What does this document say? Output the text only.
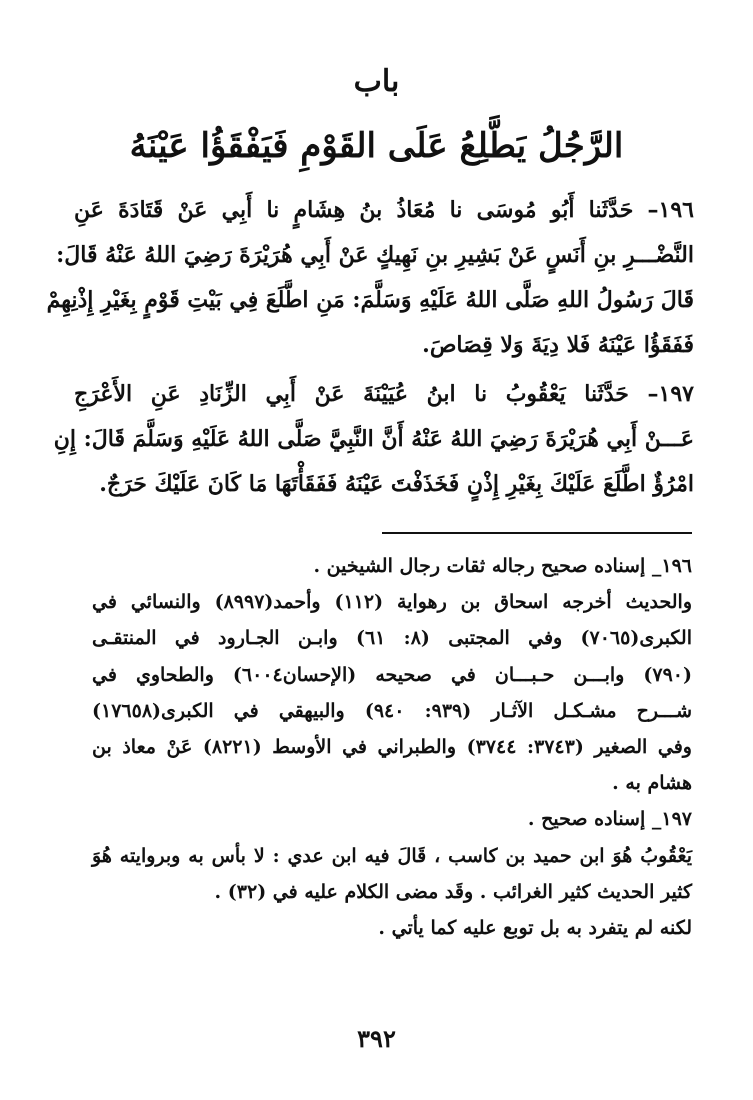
باب
الرَّجُلُ يَطَّلِعُ عَلَى القَوْمِ فَيَفْقَؤُا عَيْنَهُ
١٩٦– حَدَّثَنا أَبُو مُوسَى نا مُعَاذُ بنُ هِشَامٍ نا أَبِي عَنْ قَتَادَةَ عَنِ
النَّضْـــرِ بنِ أَنَسٍ عَنْ بَشِيرِ بنِ نَهِيكٍ عَنْ أَبِي هُرَيْرَةَ رَضِيَ اللهُ عَنْهُ قَالَ:
قَالَ رَسُولُ اللهِ صَلَّى اللهُ عَلَيْهِ وَسَلَّمَ: مَنِ اطَّلَعَ فِي بَيْتِ قَوْمٍ بِغَيْرِ إِذْنِهِمْ
فَفَقَؤُا عَيْنَهُ فَلا دِيَةَ وَلا قِصَاصَ.
١٩٧– حَدَّثَنا يَعْقُوبُ نا ابنُ عُيَيْنَةَ عَنْ أَبِي الزِّنَادِ عَنِ الأَعْرَجِ
عَـــنْ أَبِي هُرَيْرَةَ رَضِيَ اللهُ عَنْهُ أَنَّ النَّبِيَّ صَلَّى اللهُ عَلَيْهِ وَسَلَّمَ قَالَ: إِنِ
امْرُؤٌ اطَّلَعَ عَلَيْكَ بِغَيْرِ إِذْنٍ فَخَذَفْتَ عَيْنَهُ فَفَقَأْتَهَا مَا كَانَ عَلَيْكَ حَرَجٌ.
١٩٦_ إسناده صحيح رجاله ثقات رجال الشيخين .
والحديث أخرجه اسحاق بن رهواية (١١٢) وأحمد(٨٩٩٧) والنسائي في
الكبرى(٧٠٦٥) وفي المجتبى (٨: ٦١) وابـن الجـارود في المنتقـى
(٧٩٠) وابـــن حـبـــان في صحيحه (الإحسان٦٠٠٤) والطحاوي في
شـــرح مشـكـل الآثـار (٩٣٩: ٩٤٠) والبيهقي في الكبرى(١٧٦٥٨)
وفي الصغير (٣٧٤٣: ٣٧٤٤) والطبراني في الأوسط (٨٢٢١) عَنْ معاذ بن
هشام به .
١٩٧_ إسناده صحيح .
يَعْقُوبُ هُوَ ابن حميد بن كاسب ، قَالَ فيه ابن عدي : لا بأس به وبروايته هُوَ
كثير الحديث كثير الغرائب . وقَد مضى الكلام عليه في (٣٢) .
لكنه لم يتفرد به بل توبع عليه كما يأتي .
٣٩٢
